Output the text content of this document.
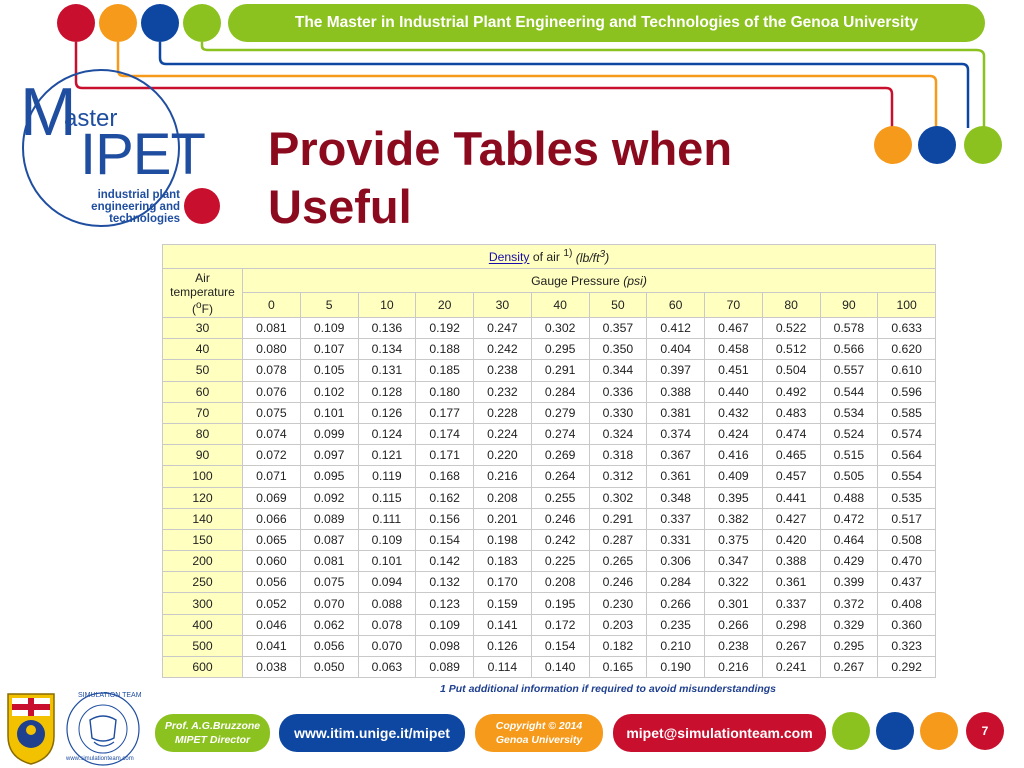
The Master in Industrial Plant Engineering and Technologies of the Genoa University
M
aster
IPET
industrial plant
engineering and
technologies
Provide Tables when
Useful
Density of air $^{1)}$ $(lb/ft^3)$												

Air
temperature
($^o$F)	Gauge Pressure (psi)											
	0	5	10	20	30	40	50	60	70	80	90	100
30	0.081	0.109	0.136	0.192	0.247	0.302	0.357	0.412	0.467	0.522	0.578	0.633
40	0.080	0.107	0.134	0.188	0.242	0.295	0.350	0.404	0.458	0.512	0.566	0.620
50	0.078	0.105	0.131	0.185	0.238	0.291	0.344	0.397	0.451	0.504	0.557	0.610
60	0.076	0.102	0.128	0.180	0.232	0.284	0.336	0.388	0.440	0.492	0.544	0.596
70	0.075	0.101	0.126	0.177	0.228	0.279	0.330	0.381	0.432	0.483	0.534	0.585
80	0.074	0.099	0.124	0.174	0.224	0.274	0.324	0.374	0.424	0.474	0.524	0.574
90	0.072	0.097	0.121	0.171	0.220	0.269	0.318	0.367	0.416	0.465	0.515	0.564
100	0.071	0.095	0.119	0.168	0.216	0.264	0.312	0.361	0.409	0.457	0.505	0.554
120	0.069	0.092	0.115	0.162	0.208	0.255	0.302	0.348	0.395	0.441	0.488	0.535
140	0.066	0.089	0.111	0.156	0.201	0.246	0.291	0.337	0.382	0.427	0.472	0.517
150	0.065	0.087	0.109	0.154	0.198	0.242	0.287	0.331	0.375	0.420	0.464	0.508
200	0.060	0.081	0.101	0.142	0.183	0.225	0.265	0.306	0.347	0.388	0.429	0.470
250	0.056	0.075	0.094	0.132	0.170	0.208	0.246	0.284	0.322	0.361	0.399	0.437
300	0.052	0.070	0.088	0.123	0.159	0.195	0.230	0.266	0.301	0.337	0.372	0.408
400	0.046	0.062	0.078	0.109	0.141	0.172	0.203	0.235	0.266	0.298	0.329	0.360
500	0.041	0.056	0.070	0.098	0.126	0.154	0.182	0.210	0.238	0.267	0.295	0.323
600	0.038	0.050	0.063	0.089	0.114	0.140	0.165	0.190	0.216	0.241	0.267	0.292
1 Put additional information if required to avoid misunderstandings
SIMULATION TEAM
www.simulationteam.com
Prof. A.G.Bruzzone
MIPET Director	www.itim.unige.it/mipet	Copyright © 2014
Genoa University	mipet@simulationteam.com	7
